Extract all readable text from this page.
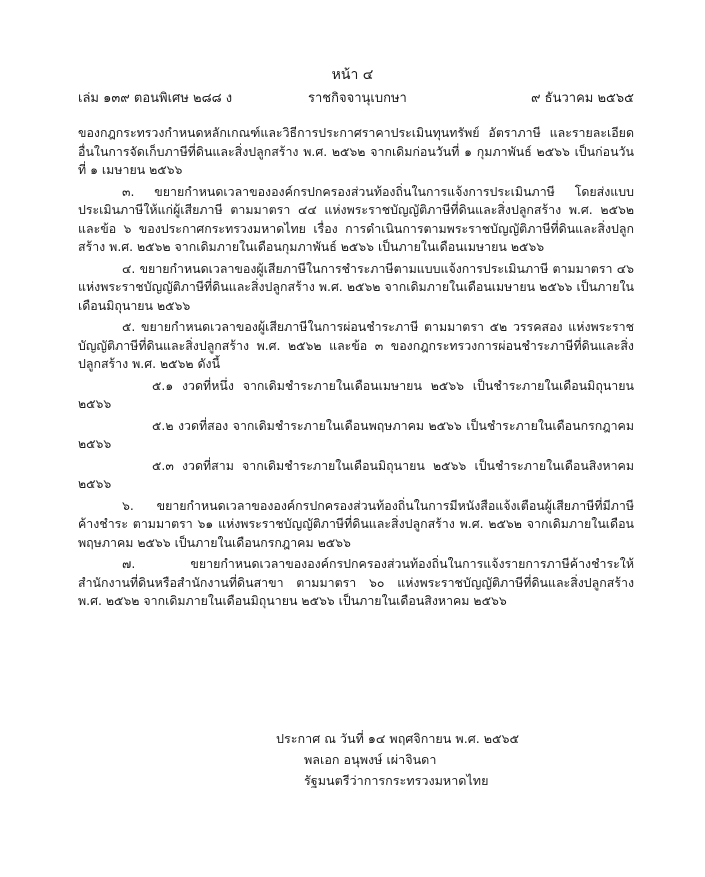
หน้า ๔
เล่ม ๑๓๙ ตอนพิเศษ ๒๘๘ ง	ราชกิจจานุเบกษา	๙ ธันวาคม ๒๕๖๕

ของกฎกระทรวงกำหนดหลักเกณฑ์และวิธีการประกาศราคาประเมินทุนทรัพย์ อัตราภาษี และรายละเอียดอื่นในการจัดเก็บภาษีที่ดินและสิ่งปลูกสร้าง พ.ศ. ๒๕๖๒ จากเดิมก่อนวันที่ ๑ กุมภาพันธ์ ๒๕๖๖ เป็นก่อนวันที่ ๑ เมษายน ๒๕๖๖

๓. ขยายกำหนดเวลาขององค์กรปกครองส่วนท้องถิ่นในการแจ้งการประเมินภาษี โดยส่งแบบประเมินภาษีให้แก่ผู้เสียภาษี ตามมาตรา ๔๔ แห่งพระราชบัญญัติภาษีที่ดินและสิ่งปลูกสร้าง พ.ศ. ๒๕๖๒ และข้อ ๖ ของประกาศกระทรวงมหาดไทย เรื่อง การดำเนินการตามพระราชบัญญัติภาษีที่ดินและสิ่งปลูกสร้าง พ.ศ. ๒๕๖๒ จากเดิมภายในเดือนกุมภาพันธ์ ๒๕๖๖ เป็นภายในเดือนเมษายน ๒๕๖๖

๔. ขยายกำหนดเวลาของผู้เสียภาษีในการชำระภาษีตามแบบแจ้งการประเมินภาษี ตามมาตรา ๔๖ แห่งพระราชบัญญัติภาษีที่ดินและสิ่งปลูกสร้าง พ.ศ. ๒๕๖๒ จากเดิมภายในเดือนเมษายน ๒๕๖๖ เป็นภายในเดือนมิถุนายน ๒๕๖๖

๕. ขยายกำหนดเวลาของผู้เสียภาษีในการผ่อนชำระภาษี ตามมาตรา ๕๒ วรรคสอง แห่งพระราชบัญญัติภาษีที่ดินและสิ่งปลูกสร้าง พ.ศ. ๒๕๖๒ และข้อ ๓ ของกฎกระทรวงการผ่อนชำระภาษีที่ดินและสิ่งปลูกสร้าง พ.ศ. ๒๕๖๒ ดังนี้

๕.๑ งวดที่หนึ่ง จากเดิมชำระภายในเดือนเมษายน ๒๕๖๖ เป็นชำระภายในเดือนมิถุนายน ๒๕๖๖

๕.๒ งวดที่สอง จากเดิมชำระภายในเดือนพฤษภาคม ๒๕๖๖ เป็นชำระภายในเดือนกรกฎาคม ๒๕๖๖

๕.๓ งวดที่สาม จากเดิมชำระภายในเดือนมิถุนายน ๒๕๖๖ เป็นชำระภายในเดือนสิงหาคม ๒๕๖๖

๖. ขยายกำหนดเวลาขององค์กรปกครองส่วนท้องถิ่นในการมีหนังสือแจ้งเตือนผู้เสียภาษีที่มีภาษีค้างชำระ ตามมาตรา ๖๑ แห่งพระราชบัญญัติภาษีที่ดินและสิ่งปลูกสร้าง พ.ศ. ๒๕๖๒ จากเดิมภายในเดือนพฤษภาคม ๒๕๖๖ เป็นภายในเดือนกรกฎาคม ๒๕๖๖

๗. ขยายกำหนดเวลาขององค์กรปกครองส่วนท้องถิ่นในการแจ้งรายการภาษีค้างชำระให้สำนักงานที่ดินหรือสำนักงานที่ดินสาขา ตามมาตรา ๖๐ แห่งพระราชบัญญัติภาษีที่ดินและสิ่งปลูกสร้าง พ.ศ. ๒๕๖๒ จากเดิมภายในเดือนมิถุนายน ๒๕๖๖ เป็นภายในเดือนสิงหาคม ๒๕๖๖

ประกาศ ณ วันที่ ๑๔ พฤศจิกายน พ.ศ. ๒๕๖๕
พลเอก อนุพงษ์ เผ่าจินดา
รัฐมนตรีว่าการกระทรวงมหาดไทย
